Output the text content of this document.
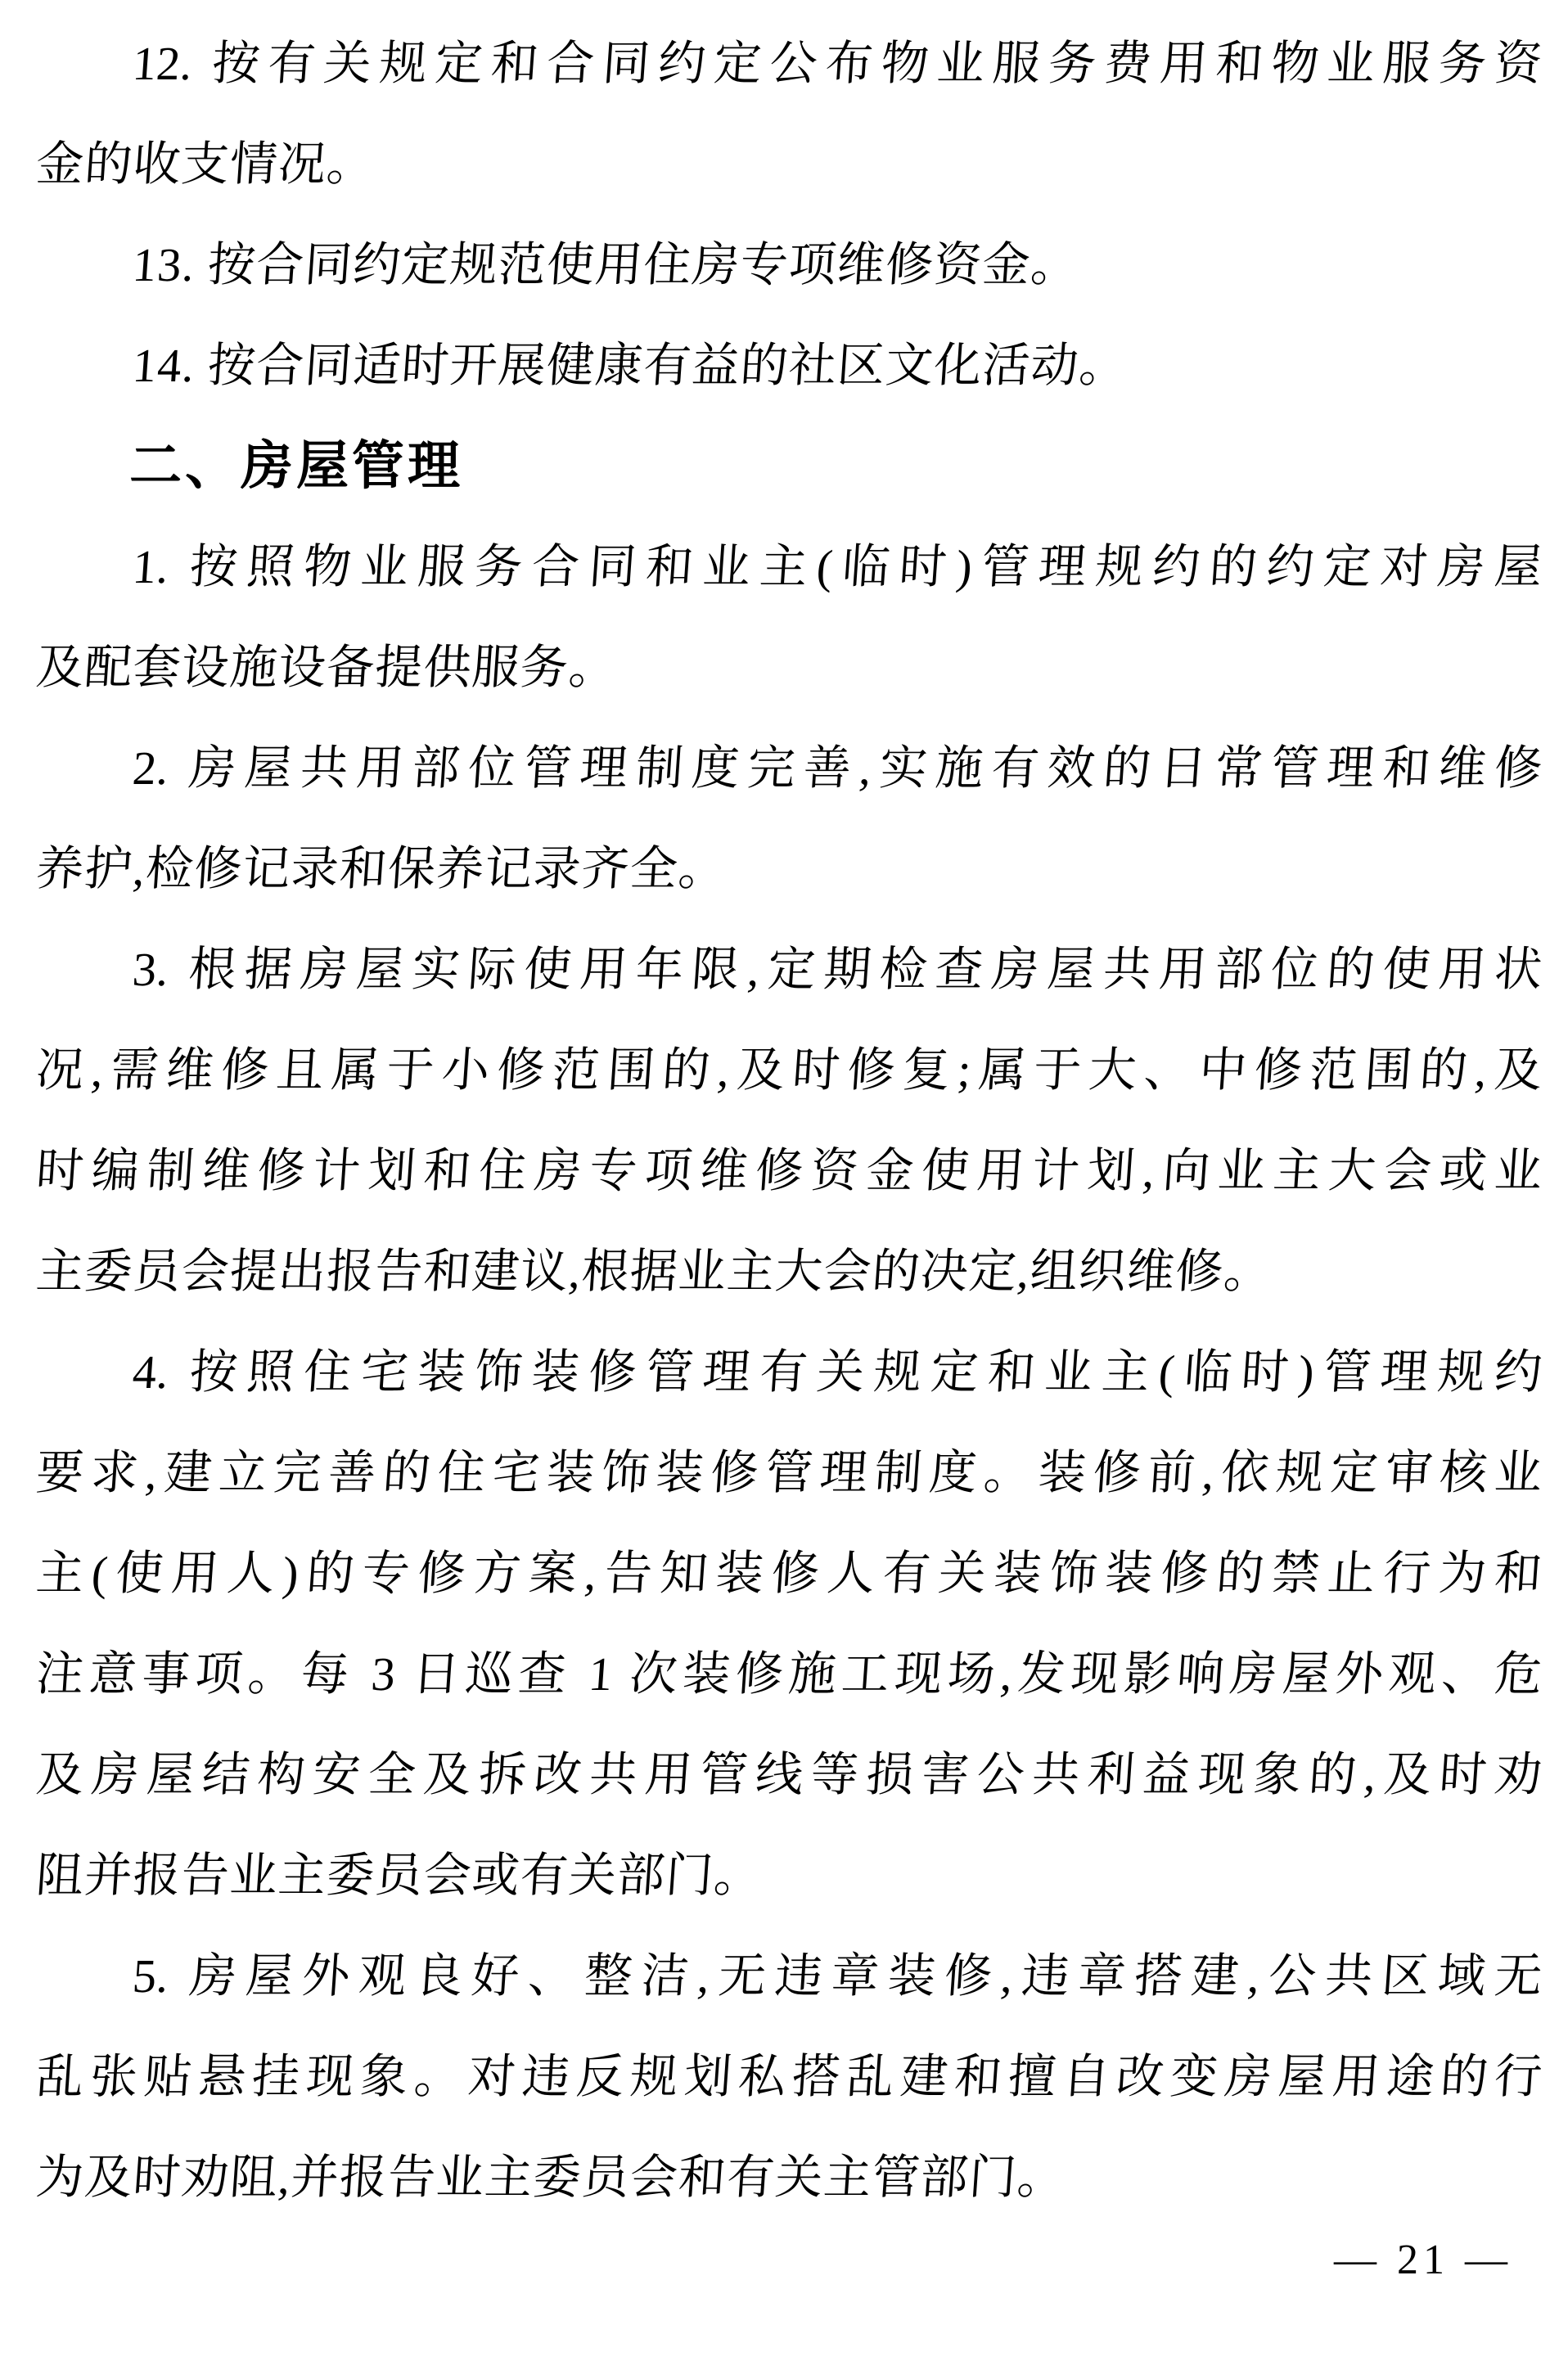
12. 按有关规定和合同约定公布物业服务费用和物业服务资
金的收支情况。
13. 按合同约定规范使用住房专项维修资金。
14. 按合同适时开展健康有益的社区文化活动。
二、房屋管理
1. 按照物业服务合同和业主(临时)管理规约的约定对房屋
及配套设施设备提供服务。
2. 房屋共用部位管理制度完善,实施有效的日常管理和维修
养护,检修记录和保养记录齐全。
3. 根据房屋实际使用年限,定期检查房屋共用部位的使用状
况,需维修且属于小修范围的,及时修复;属于大、中修范围的,及
时编制维修计划和住房专项维修资金使用计划,向业主大会或业
主委员会提出报告和建议,根据业主大会的决定,组织维修。
4. 按照住宅装饰装修管理有关规定和业主(临时)管理规约
要求,建立完善的住宅装饰装修管理制度。装修前,依规定审核业
主(使用人)的专修方案,告知装修人有关装饰装修的禁止行为和
注意事项。每 3 日巡查 1 次装修施工现场,发现影响房屋外观、危
及房屋结构安全及拆改共用管线等损害公共利益现象的,及时劝
阻并报告业主委员会或有关部门。
5. 房屋外观良好、整洁,无违章装修,违章搭建,公共区域无
乱张贴悬挂现象。对违反规划私搭乱建和擅自改变房屋用途的行
为及时劝阻,并报告业主委员会和有关主管部门。
— 21 —
